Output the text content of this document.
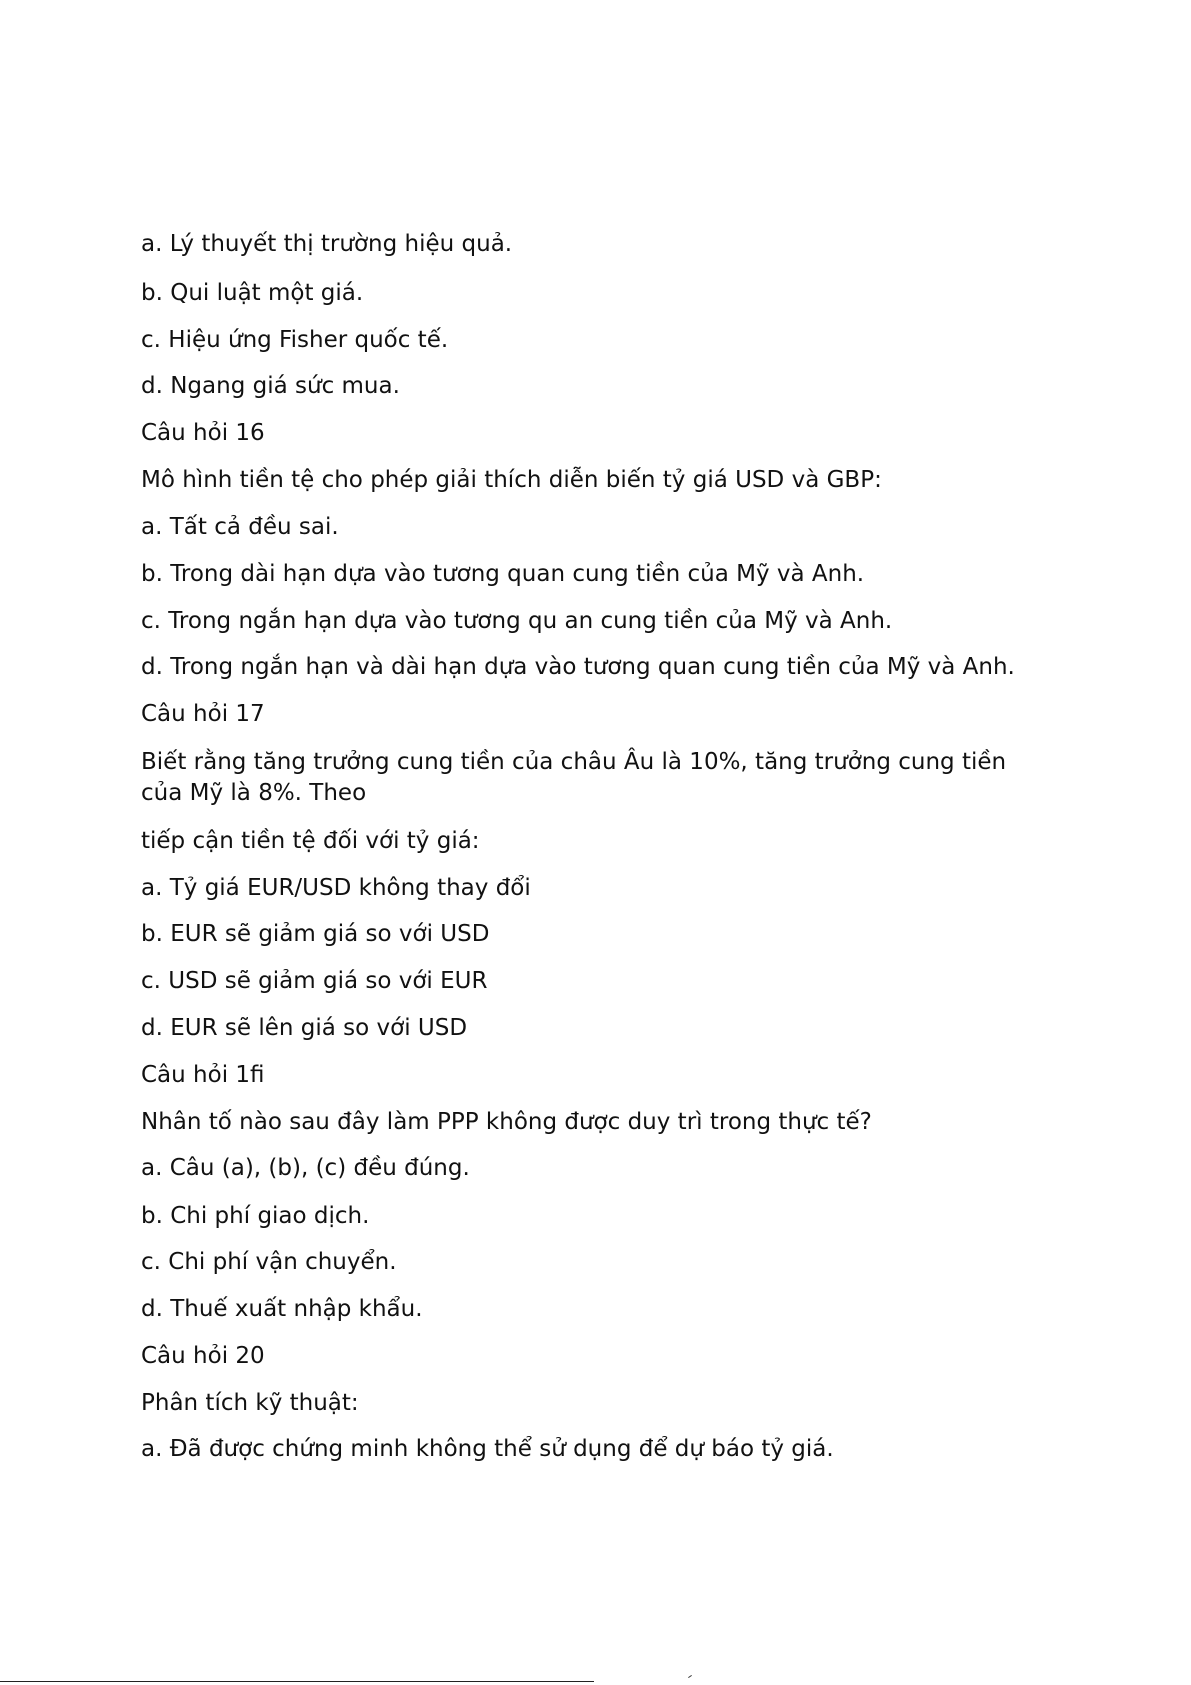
a. Lý thuyết thị trường hiệu quả.
b. Qui luật một giá.
c. Hiệu ứng Fisher quốc tế.
d. Ngang giá sức mua.
Câu hỏi 16
Mô hình tiền tệ cho phép giải thích diễn biến tỷ giá USD và GBP:
a. Tất cả đều sai.
b. Trong dài hạn dựa vào tương quan cung tiền của Mỹ và Anh.
c. Trong ngắn hạn dựa vào tương qu an cung tiền của Mỹ và Anh.
d. Trong ngắn hạn và dài hạn dựa vào tương quan cung tiền của Mỹ và Anh.
Câu hỏi 17
Biết rằng tăng trưởng cung tiền của châu Âu là 10%, tăng trưởng cung tiền của Mỹ là 8%. Theo
tiếp cận tiền tệ đối với tỷ giá:
a. Tỷ giá EUR/USD không thay đổi
b. EUR sẽ giảm giá so với USD
c. USD sẽ giảm giá so với EUR
d. EUR sẽ lên giá so với USD
Câu hỏi 1ﬁ
Nhân tố nào sau đây làm PPP không được duy trì trong thực tế?
a. Câu (a), (b), (c) đều đúng.
b. Chi phí giao dịch.
c. Chi phí vận chuyển.
d. Thuế xuất nhập khẩu.
Câu hỏi 20
Phân tích kỹ thuật:
a. Đã được chứng minh không thể sử dụng để dự báo tỷ giá.
